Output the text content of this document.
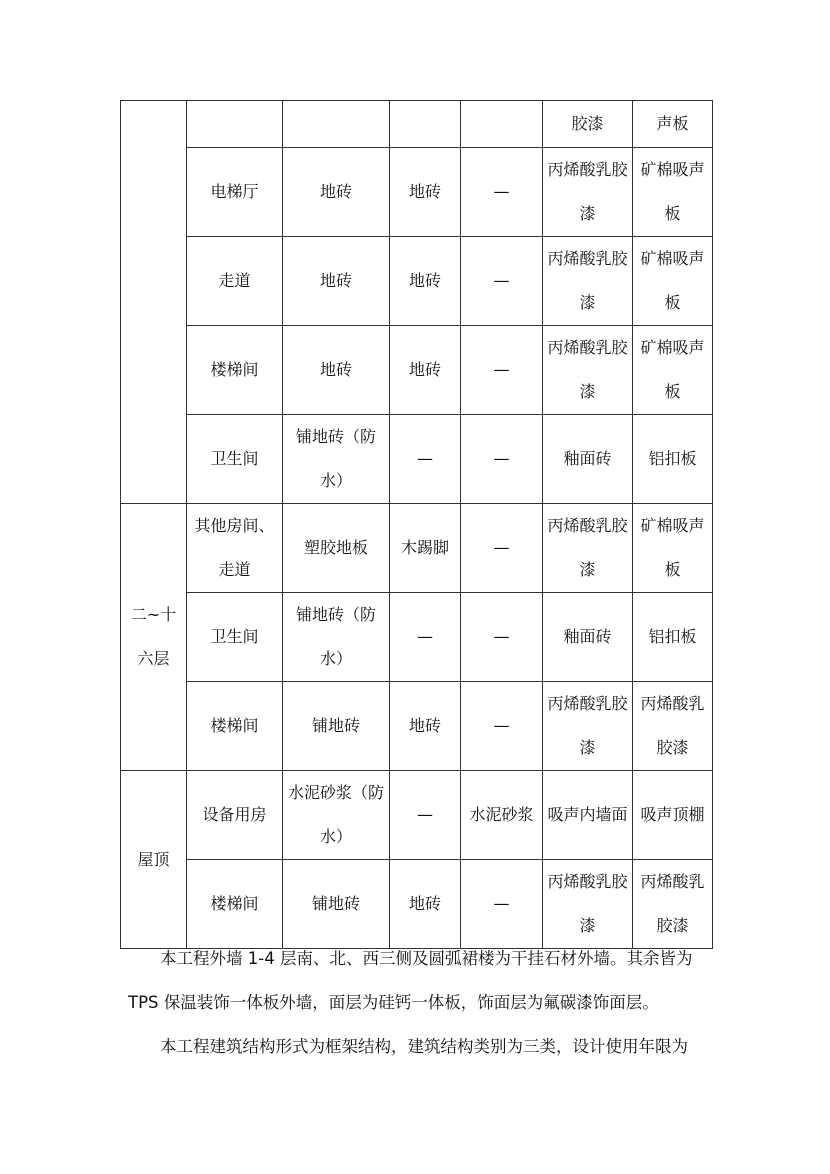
					胶漆	声板
	电梯厅	地砖	地砖	—	丙烯酸乳胶漆	矿棉吸声板
	走道	地砖	地砖	—	丙烯酸乳胶漆	矿棉吸声板
	楼梯间	地砖	地砖	—	丙烯酸乳胶漆	矿棉吸声板
	卫生间	铺地砖（防水）	—	—	釉面砖	铝扣板
二~十六层	其他房间、走道	塑胶地板	木踢脚	—	丙烯酸乳胶漆	矿棉吸声板
	卫生间	铺地砖（防水）	—	—	釉面砖	铝扣板
	楼梯间	铺地砖	地砖	—	丙烯酸乳胶漆	丙烯酸乳胶漆
屋顶	设备用房	水泥砂浆（防水）	—	水泥砂浆	吸声内墙面	吸声顶棚
	楼梯间	铺地砖	地砖	—	丙烯酸乳胶漆	丙烯酸乳胶漆

本工程外墙 1-4 层南、北、西三侧及圆弧裙楼为干挂石材外墙。其余皆为

TPS 保温装饰一体板外墙，面层为硅钙一体板，饰面层为氟碳漆饰面层。

本工程建筑结构形式为框架结构，建筑结构类别为三类，设计使用年限为
